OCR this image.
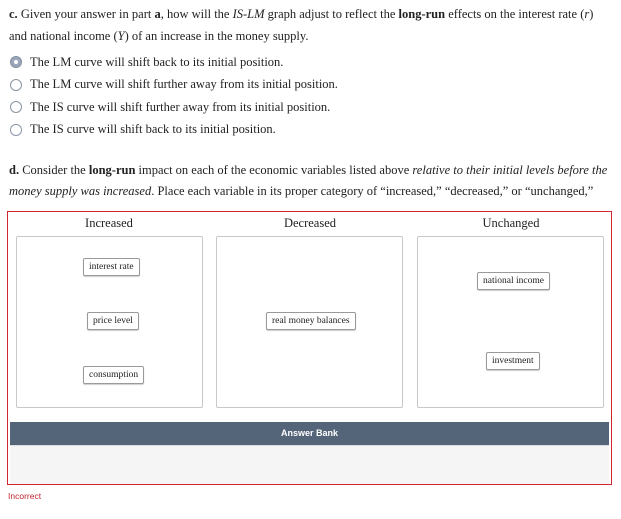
c. Given your answer in part a, how will the IS-LM graph adjust to reflect the long-run effects on the interest rate (r) and national income (Y) of an increase in the money supply.
The LM curve will shift back to its initial position.
The LM curve will shift further away from its initial position.
The IS curve will shift further away from its initial position.
The IS curve will shift back to its initial position.
d. Consider the long-run impact on each of the economic variables listed above relative to their initial levels before the money supply was increased. Place each variable in its proper category of “increased,” “decreased,” or “unchanged,”
Increased
interest rate
price level
consumption
Decreased
real money balances
Unchanged
national income
investment
Answer Bank
Incorrect
